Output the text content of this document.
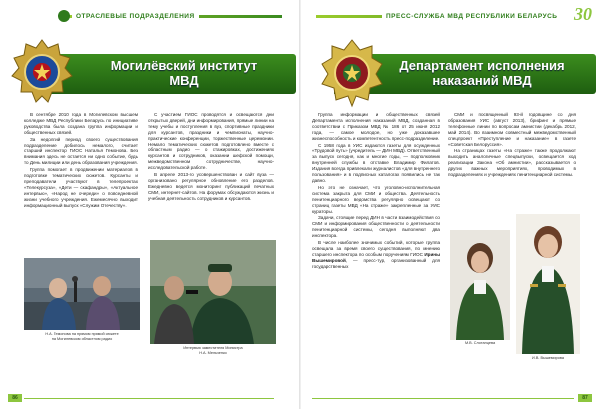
ОТРАСЛЕВЫЕ ПОДРАЗДЕЛЕНИЯ
Могилёвский институт
МВД

В сентябре 2010 года в Могилевском высшем колледже МВД Республики Беларусь по инициативе руководства была создана группа информации и общественных связей.

За недолгий период своего существования подразделение добилось немалого, считает старший инспектор ГИОС Наталья Гемонова. Без внимания здесь не остается ни одно событие, будь то День милиции или день образования учреждения.

Группа помогает в продвижении материалов в подготовке тематических сюжетов. Курсанты и преподаватели участвуют в телепроектах «Телекурсуза», «Дети — скафандры», «Актуальное интервью», «Народ не очереди» о повседневной жизни учебного учреждения. Ежемесячно выходит информационный выпуск «Служим Отечеству».

С участием ГИОС проводятся и освещаются дни открытых дверей, дни информирования, прямые линии на тему учебы и поступления в вуз, спортивные праздники для курсантов, праздники и чемпионаты, научно-практические конференции, торжественные церемонии. Немало тематических сюжетов подготовлено вместе с областным радио — о стажировках, достижениях курсантов и сотрудников, оказании шефской помощи, межведомственном сотрудничестве, научно-исследовательской работе.

В апреле 2013-го усовершенствован и сайт вуза — организовано регулярное обновление его разделов. Ежедневно ведется мониторинг публикаций печатных СМИ, интернет-сайтов. На форумах обсуждаются жизнь и учебная деятельность сотрудников и курсантов.

Н.А. Гемонова на прямом прямой сюжете
на Могилевском областном радио
Интервью заместителя Министра
Н.А. Мельченко
86
ПРЕСС-СЛУЖБА МВД РЕСПУБЛИКИ БЕЛАРУСЬ 30
Департамент исполнения
наказаний МВД

Группа информации и общественных связей Департамента исполнения наказаний МВД, созданная в соответствии с Приказом МВД № 186 от 25 июня 2012 года, — самое молодое, но уже доказавшее жизнеспособность и компетентность пресс-подразделение.

С 1958 года в УИС издаются газеты для осужденных «Трудовой путь» (учредитель — ДИН МВД). Ответственный за выпуск сегодня, как и многие годы, — подполковник внутренней службы в отставке Владимир Филатов. Издания всегда привлекали журналистов «для внутреннего пользования» и в подписных каталогах появились не так давно.

Но это не означает, что уголовно-исполнительная система закрыта для СМИ и общества. Деятельность пенитенциарного ведомства регулярно освещают со страниц газеты МВД «На страже» закрепленные за УИС кураторы.

Задачи, стоящие перед ДИН в части взаимодействия со СМИ и информирования общественности о деятельности пенитенциарной системы, сегодня выполняют два инспектора.

В числе наиболее значимых событий, которые группа освещала за время своего существования, по мнению старшего инспектора по особым поручениям ГИОС Ирины Вышемировой, — пресс-тур, организованный для государственных

СМИ и посвященный 93-й годовщине со дня образования УИС (август 2013), брифинг и прямые телефонные линии по вопросам амнистии (декабрь 2012, май 2014). Во взаимном совместный межведомственный спецпроект «Преступление и наказание» в газете «Советская Белоруссия».

На страницах газеты «На страже» также продолжают выходить аналогичные спецвыпуски, освещается ход реализации Закона «Об амнистии», рассказывается о других важных мероприятиях, проводимых в подразделениях и учреждениях пенитенциарной системы.

М.В. Слотанцева
И.В. Вышемирова
87
